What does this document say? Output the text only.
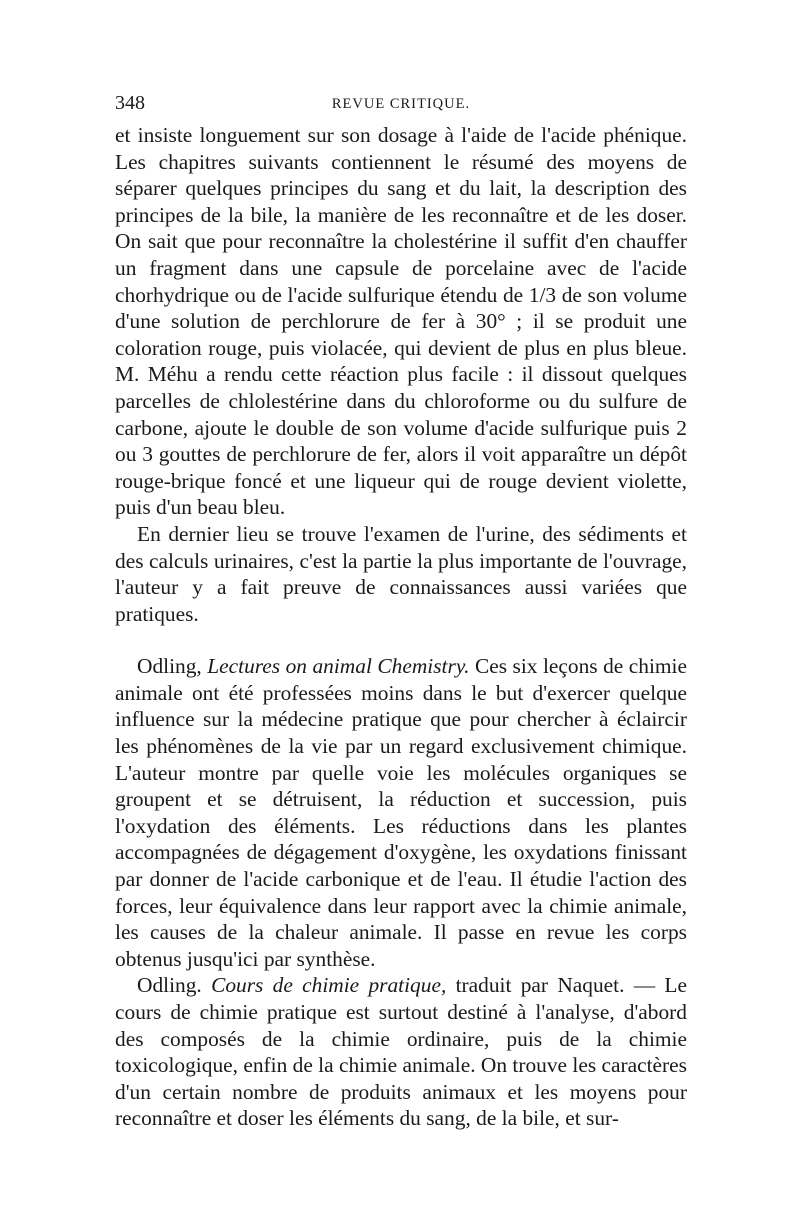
348	REVUE CRITIQUE.

et insiste longuement sur son dosage à l'aide de l'acide phénique. Les chapitres suivants contiennent le résumé des moyens de séparer quelques principes du sang et du lait, la description des principes de la bile, la manière de les reconnaître et de les doser. On sait que pour reconnaître la cholestérine il suffit d'en chauffer un fragment dans une capsule de porcelaine avec de l'acide chorhydrique ou de l'acide sulfurique étendu de 1/3 de son volume d'une solution de perchlorure de fer à 30° ; il se produit une coloration rouge, puis violacée, qui devient de plus en plus bleue. M. Méhu a rendu cette réaction plus facile : il dissout quelques parcelles de chlolestérine dans du chloroforme ou du sulfure de carbone, ajoute le double de son volume d'acide sulfurique puis 2 ou 3 gouttes de perchlorure de fer, alors il voit apparaître un dépôt rouge-brique foncé et une liqueur qui de rouge devient violette, puis d'un beau bleu.

En dernier lieu se trouve l'examen de l'urine, des sédiments et des calculs urinaires, c'est la partie la plus importante de l'ouvrage, l'auteur y a fait preuve de connaissances aussi variées que pratiques.

Odling, Lectures on animal Chemistry. Ces six leçons de chimie animale ont été professées moins dans le but d'exercer quelque influence sur la médecine pratique que pour chercher à éclaircir les phénomènes de la vie par un regard exclusivement chimique. L'auteur montre par quelle voie les molécules organiques se groupent et se détruisent, la réduction et succession, puis l'oxydation des éléments. Les réductions dans les plantes accompagnées de dégagement d'oxygène, les oxydations finissant par donner de l'acide carbonique et de l'eau. Il étudie l'action des forces, leur équivalence dans leur rapport avec la chimie animale, les causes de la chaleur animale. Il passe en revue les corps obtenus jusqu'ici par synthèse.

Odling. Cours de chimie pratique, traduit par Naquet. — Le cours de chimie pratique est surtout destiné à l'analyse, d'abord des composés de la chimie ordinaire, puis de la chimie toxicologique, enfin de la chimie animale. On trouve les caractères d'un certain nombre de produits animaux et les moyens pour reconnaître et doser les éléments du sang, de la bile, et sur-
